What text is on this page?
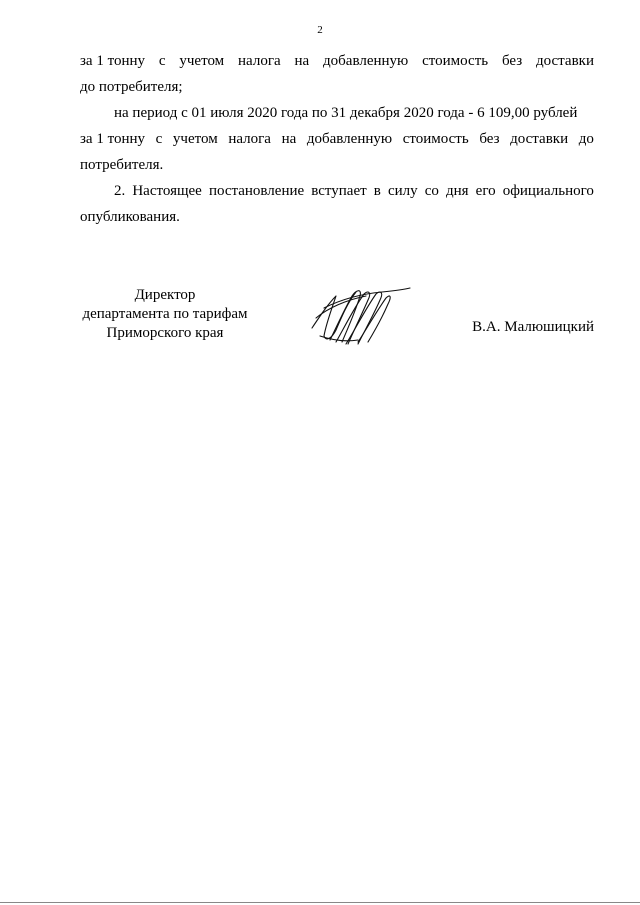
2
за 1 тонну с учетом налога на добавленную стоимость без доставки
до потребителя;
на период с 01 июля 2020 года по 31 декабря 2020 года - 6 109,00 рублей
за 1 тонну с учетом налога на добавленную стоимость без доставки до
потребителя.
2. Настоящее постановление вступает в силу со дня его официального
опубликования.
Директор
департамента по тарифам
Приморского края	В.А. Малюшицкий
